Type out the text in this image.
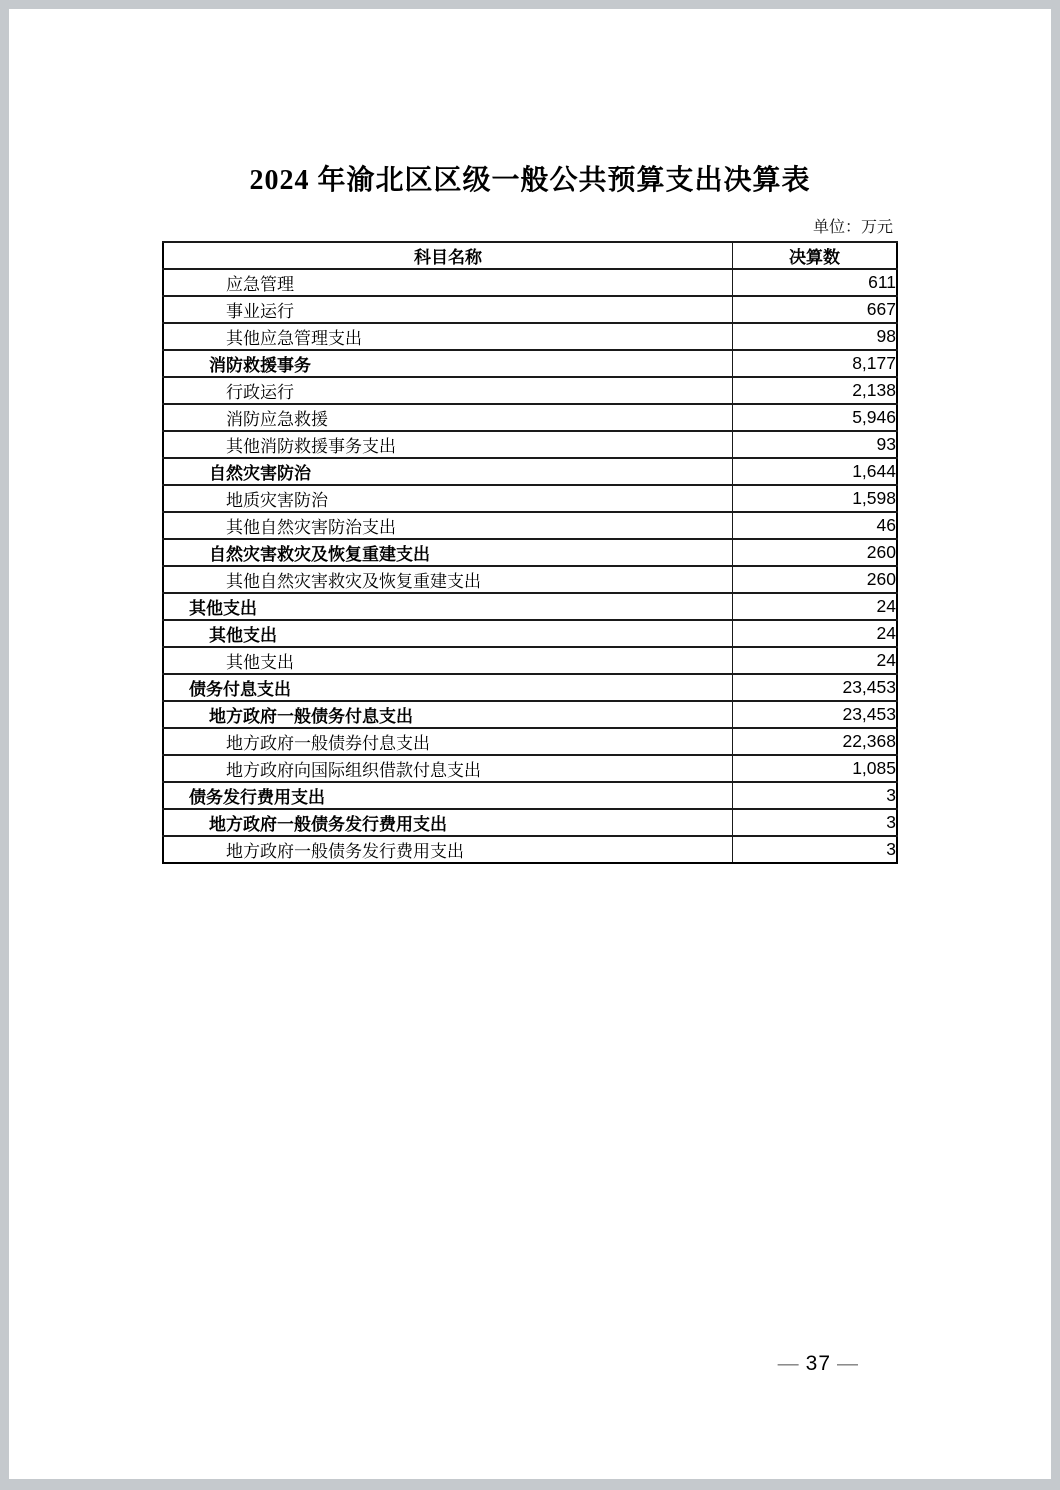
2024 年渝北区区级一般公共预算支出决算表
单位：万元
科目名称	决算数
应急管理	611
事业运行	667
其他应急管理支出	98
消防救援事务	8,177
行政运行	2,138
消防应急救援	5,946
其他消防救援事务支出	93
自然灾害防治	1,644
地质灾害防治	1,598
其他自然灾害防治支出	46
自然灾害救灾及恢复重建支出	260
其他自然灾害救灾及恢复重建支出	260
其他支出	24
其他支出	24
其他支出	24
债务付息支出	23,453
地方政府一般债务付息支出	23,453
地方政府一般债券付息支出	22,368
地方政府向国际组织借款付息支出	1,085
债务发行费用支出	3
地方政府一般债务发行费用支出	3
地方政府一般债务发行费用支出	3
— 37 —
